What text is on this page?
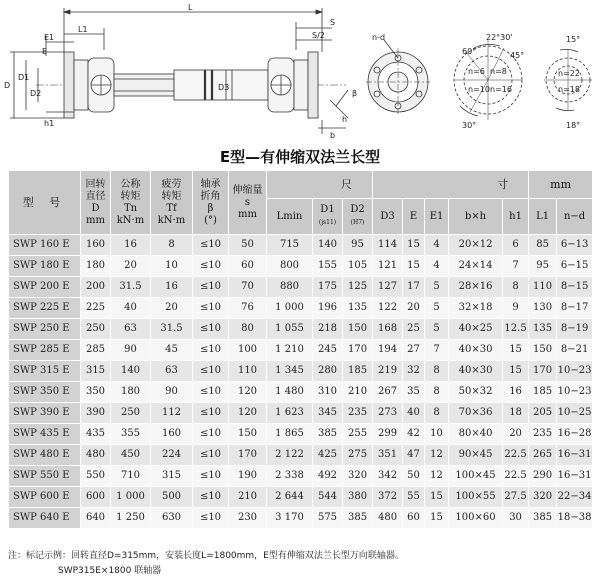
L
L1
E1
E
S
S/2
D
D1
D2
D3
h1
β
h
b
n-d	22°30'
60°	45°
30°
n=6 n=8
n=10 n=16
15°
18°
n=22
n=18
E型—有伸缩双法兰长型
型 号	回转
直径
D
mm	公称
转矩
Tn
kN·m	疲劳
转矩
Tf
kN·m	轴承
折角
β
(°)	伸缩量
s
mm	尺			寸					mm	
						Lmin	D1
(js11)	D2
(H7)	D3	E	E1	b×h	h1	L1	n−d
SWP 160 E	160	16	8	≤10	50	715	140	95	114	15	4	20×12	6	85	6−13
SWP 180 E	180	20	10	≤10	60	800	155	105	121	15	4	24×14	7	95	6−15
SWP 200 E	200	31.5	16	≤10	70	880	175	125	127	17	5	28×16	8	110	8−15
SWP 225 E	225	40	20	≤10	76	1 000	196	135	122	20	5	32×18	9	130	8−17
SWP 250 E	250	63	31.5	≤10	80	1 055	218	150	168	25	5	40×25	12.5	135	8−19
SWP 285 E	285	90	45	≤10	100	1 210	245	170	194	27	7	40×30	15	150	8−21
SWP 315 E	315	140	63	≤10	110	1 345	280	185	219	32	8	40×30	15	170	10−23
SWP 350 E	350	180	90	≤10	120	1 480	310	210	267	35	8	50×32	16	185	10−23
SWP 390 E	390	250	112	≤10	120	1 623	345	235	273	40	8	70×36	18	205	10−25
SWP 435 E	435	355	160	≤10	150	1 865	385	255	299	42	10	80×40	20	235	16−28
SWP 480 E	480	450	224	≤10	170	2 122	425	275	351	47	12	90×45	22.5	265	16−31
SWP 550 E	550	710	315	≤10	190	2 338	492	320	342	50	12	100×45	22.5	290	16−31
SWP 600 E	600	1 000	500	≤10	210	2 644	544	380	372	55	15	100×55	27.5	320	22−34
SWP 640 E	640	1 250	630	≤10	230	3 170	575	385	480	60	15	100×60	30	385	18−38
注：标记示例：回转直径D=315mm，安装长度L=1800mm，E型有伸缩双法兰长型万向联轴器。
SWP315E×1800 联轴器
